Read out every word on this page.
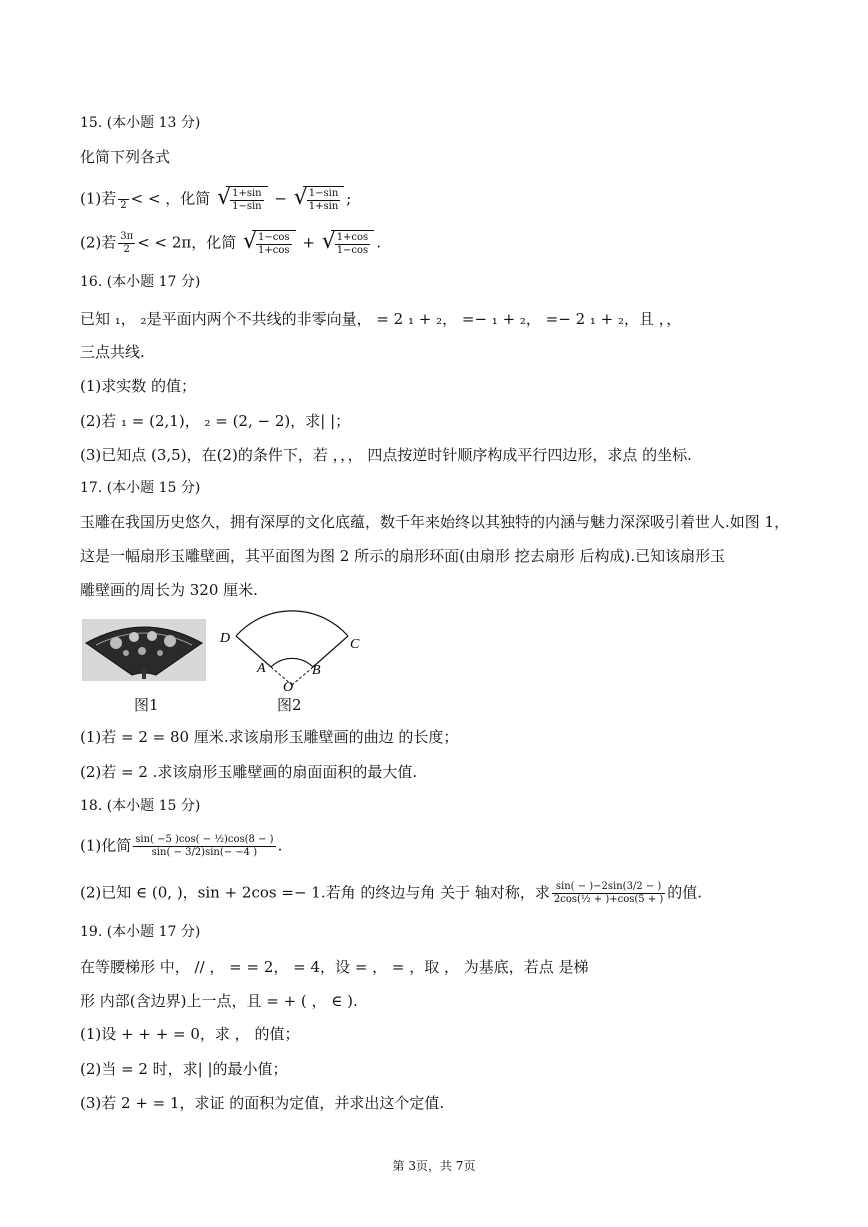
15. (本小题 13 分)
化简下列各式
(1)若
2 < < ，化简 √
$\frac{1+\sin}{1-\sin}$ − √
$\frac{1-\sin}{1+\sin}$ ;
(2)若 $\frac{3\pi}{2}$ < < 2π，化简 √
$\frac{1-\cos}{1+\cos}$ + √
$\frac{1+\cos}{1-\cos}$ .
16. (本小题 17 分)
已知 ₁， ₂是平面内两个不共线的非零向量， = 2 ₁ + ₂， =− ₁ + ₂， =− 2 ₁ + ₂，且 ，，
三点共线.
(1)求实数 的值；
(2)若 ₁ = (2,1)， ₂ = (2, − 2)，求| |；
(3)已知点 (3,5)，在(2)的条件下，若 ，，， 四点按逆时针顺序构成平行四边形，求点 的坐标.
17. (本小题 15 分)
玉雕在我国历史悠久，拥有深厚的文化底蕴，数千年来始终以其独特的内涵与魅力深深吸引着世人.如图 1，
这是一幅扇形玉雕壁画，其平面图为图 2 所示的扇形环面(由扇形 挖去扇形 后构成).已知该扇形玉
雕壁画的周长为 320 厘米.
D	C
A	B
O
图1	图2
(1)若 = 2 = 80 厘米.求该扇形玉雕壁画的曲边 的长度；
(2)若 = 2 .求该扇形玉雕壁画的扇面面积的最大值.
18. (本小题 15 分)
(1)化简 $\frac{\text{sin( −5 )cos( − ½)cos(8 − )}}{\sin( - 3/2)\sin(- -4 )}$ .
(2)已知 ∈ (0, )，sin + 2cos =− 1.若角 的终边与角 关于 轴对称，求 $\frac{\sin( - )-2\sin(3/2 - )}{\text{2cos(½ + )+cos(5 + )}}$ 的值.
19. (本小题 17 分)
在等腰梯形 中， // ， = = 2， = 4，设 = ， = ，取 ， 为基底，若点 是梯
形 内部(含边界)上一点，且 = + ( ， ∈ ).
(1)设 + + + = 0，求 ， 的值；
(2)当 = 2 时，求| |的最小值；
(3)若 2 + = 1，求证 的面积为定值，并求出这个定值.
第 3页，共 7页
